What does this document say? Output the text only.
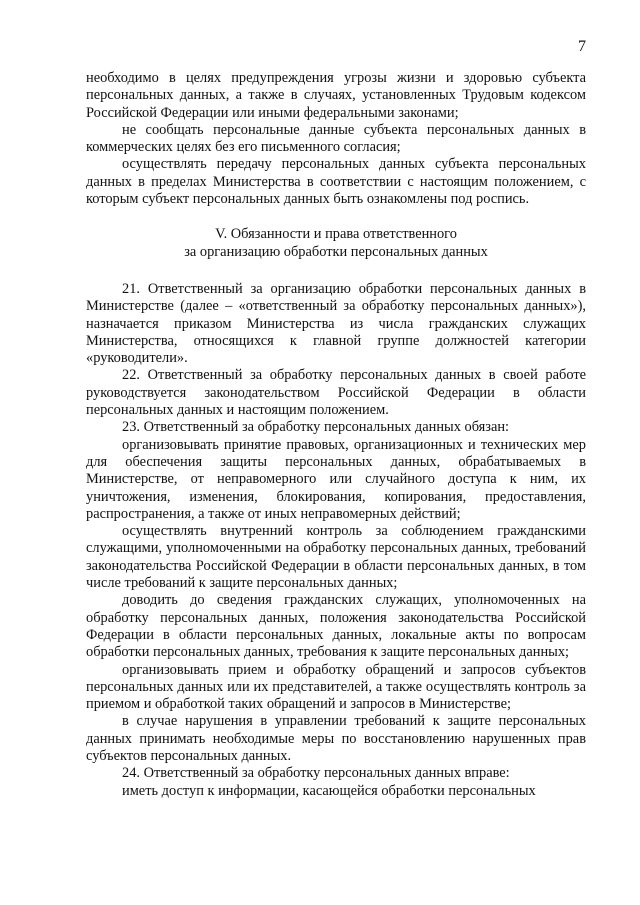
7

необходимо в целях предупреждения угрозы жизни и здоровью субъекта персональных данных, а также в случаях, установленных Трудовым кодексом Российской Федерации или иными федеральными законами;

не сообщать персональные данные субъекта персональных данных в коммерческих целях без его письменного согласия;

осуществлять передачу персональных данных субъекта персональных данных в пределах Министерства в соответствии с настоящим положением, с которым субъект персональных данных быть ознакомлены под роспись.

V. Обязанности и права ответственного
за организацию обработки персональных данных

21. Ответственный за организацию обработки персональных данных в Министерстве (далее – «ответственный за обработку персональных данных»), назначается приказом Министерства из числа гражданских служащих Министерства, относящихся к главной группе должностей категории «руководители».

22. Ответственный за обработку персональных данных в своей работе руководствуется законодательством Российской Федерации в области персональных данных и настоящим положением.

23. Ответственный за обработку персональных данных обязан:

организовывать принятие правовых, организационных и технических мер для обеспечения защиты персональных данных, обрабатываемых в Министерстве, от неправомерного или случайного доступа к ним, их уничтожения, изменения, блокирования, копирования, предоставления, распространения, а также от иных неправомерных действий;

осуществлять внутренний контроль за соблюдением гражданскими служащими, уполномоченными на обработку персональных данных, требований законодательства Российской Федерации в области персональных данных, в том числе требований к защите персональных данных;

доводить до сведения гражданских служащих, уполномоченных на обработку персональных данных, положения законодательства Российской Федерации в области персональных данных, локальные акты по вопросам обработки персональных данных, требования к защите персональных данных;

организовывать прием и обработку обращений и запросов субъектов персональных данных или их представителей, а также осуществлять контроль за приемом и обработкой таких обращений и запросов в Министерстве;

в случае нарушения в управлении требований к защите персональных данных принимать необходимые меры по восстановлению нарушенных прав субъектов персональных данных.

24. Ответственный за обработку персональных данных вправе:

иметь доступ к информации, касающейся обработки персональных
